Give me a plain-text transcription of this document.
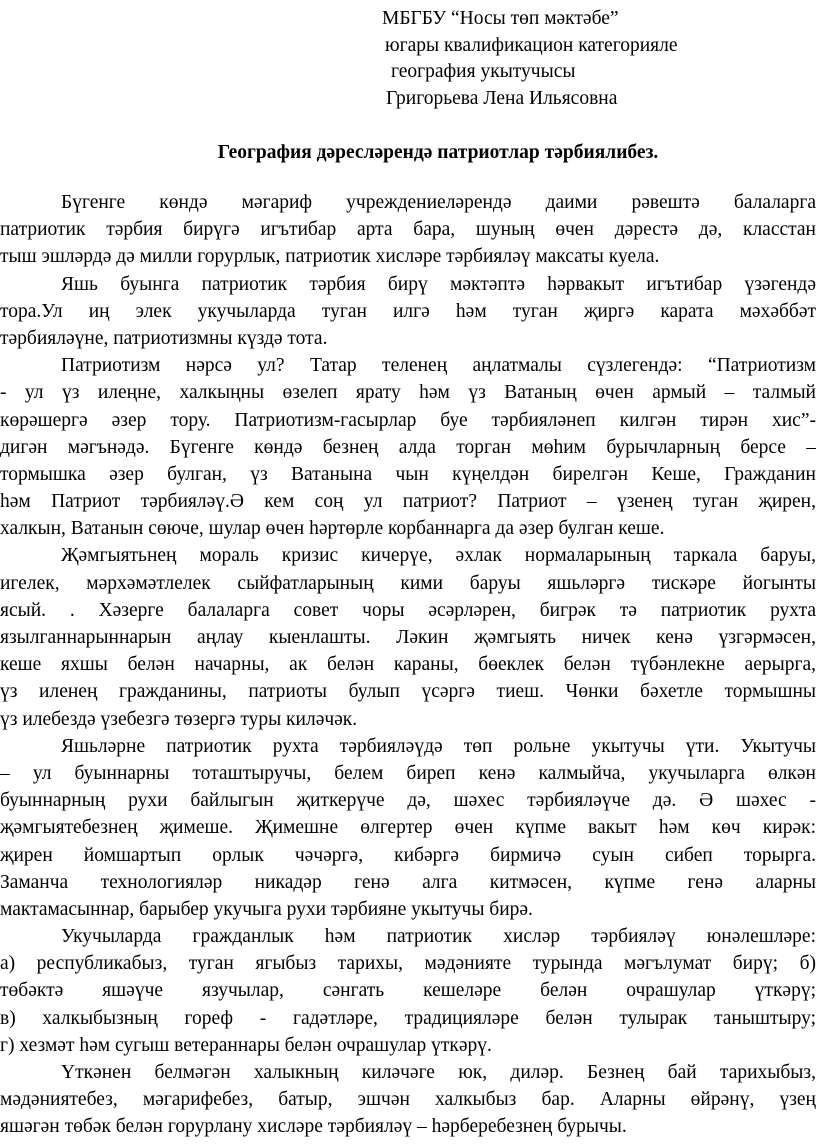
МБГБУ “Носы төп мәктәбе”
югары квалификацион категорияле
география укытучысы
Григорьева Лена Ильясовна
География дәресләрендә патриотлар тәрбиялибез.
Бүгенге көндә мәгариф учреждениеләрендә даими рәвештә балаларга
патриотик тәрбия бирүгә игътибар арта бара, шуның өчен дәрестә дә, класстан
тыш эшләрдә дә милли горурлык, патриотик хисләре тәрбияләү максаты куела.
Яшь буынга патриотик тәрбия бирү мәктәптә һәрвакыт игътибар үзәгендә
тора.Ул иң элек укучыларда туган илгә һәм туган җиргә карата мәхәббәт
тәрбияләүне, патриотизмны күздә тота.
Патриотизм нәрсә ул? Татар теленең аңлатмалы сүзлегендә: “Патриотизм
- ул үз илеңне, халкыңны өзелеп ярату һәм үз Ватаның өчен армый – талмый
көрәшергә әзер тору. Патриотизм-гасырлар буе тәрбияләнеп килгән тирән хис”-
дигән мәгънәдә. Бүгенге көндә безнең алда торган мөһим бурычларның берсе –
тормышка әзер булган, үз Ватанына чын күңелдән бирелгән Кеше, Гражданин
һәм Патриот тәрбияләү.Ә кем соң ул патриот? Патриот – үзенең туган җирен,
халкын, Ватанын сөючe, шулар өчен һәртөрле корбаннарга да әзер булган кеше.
Җәмгыятьнең мораль кризис кичерүе, әхлак нормаларының таркала баруы,
игелек, мәрхәмәтлелек сыйфатларының кими баруы яшьләргә тискәре йогынты
ясый. . Хәзерге балаларга совет чоры әсәрләрен, бигрәк тә патриотик рухта
язылганнарыннарын аңлау кыенлашты. Ләкин җәмгыять ничек кенә үзгәрмәсен,
кеше яхшы белән начарны, ак белән караны, бөеклек белән түбәнлекне аерырга,
үз иленең гражданины, патриоты булып үсәргә тиеш. Чөнки бәхетле тормышны
үз илебездә үзебезгә төзергә туры киләчәк.
Яшьләрне патриотик рухта тәрбияләүдә төп рольне укытучы үти. Укытучы
– ул буыннарны тоташтыручы, белем биреп кенә калмыйча, укучыларга өлкән
буыннарның рухи байлыгын җиткерүче дә, шәхес тәрбияләүче дә. Ә шәхес -
җәмгыятебезнең җимеше. Җимешне өлгертер өчен күпме вакыт һәм көч кирәк:
җирен йомшартып орлык чәчәргә, кибәргә бирмичә суын сибеп торырга.
Заманча технологияләр никадәр генә алга китмәсен, күпме генә аларны
мактамасыннар, барыбер укучыга рухи тәрбияне укытучы бирә.
Укучыларда гражданлык һәм патриотик хисләр тәрбияләү юнәлешләре:
а) республикабыз, туган ягыбыз тарихы, мәдәнияте турында мәгълумат бирү; б)
төбәктә яшәүче язучылар, сәнгать кешеләре белән очрашулар үткәрү;
в) халкыбызның гореф - гадәтләре, традицияләре белән тулырак таныштыру;
г) хезмәт һәм сугыш ветераннары белән очрашулар үткәрү.
Үткәнен белмәгән халыкның киләчәге юк, диләр. Безнең бай тарихыбыз,
мәдәниятебез, мәгарифебез, батыр, эшчән халкыбыз бар. Аларны өйрәнү, үзең
яшәгән төбәк белән горурлану хисләре тәрбияләү – һәрберебезнең бурычы.
